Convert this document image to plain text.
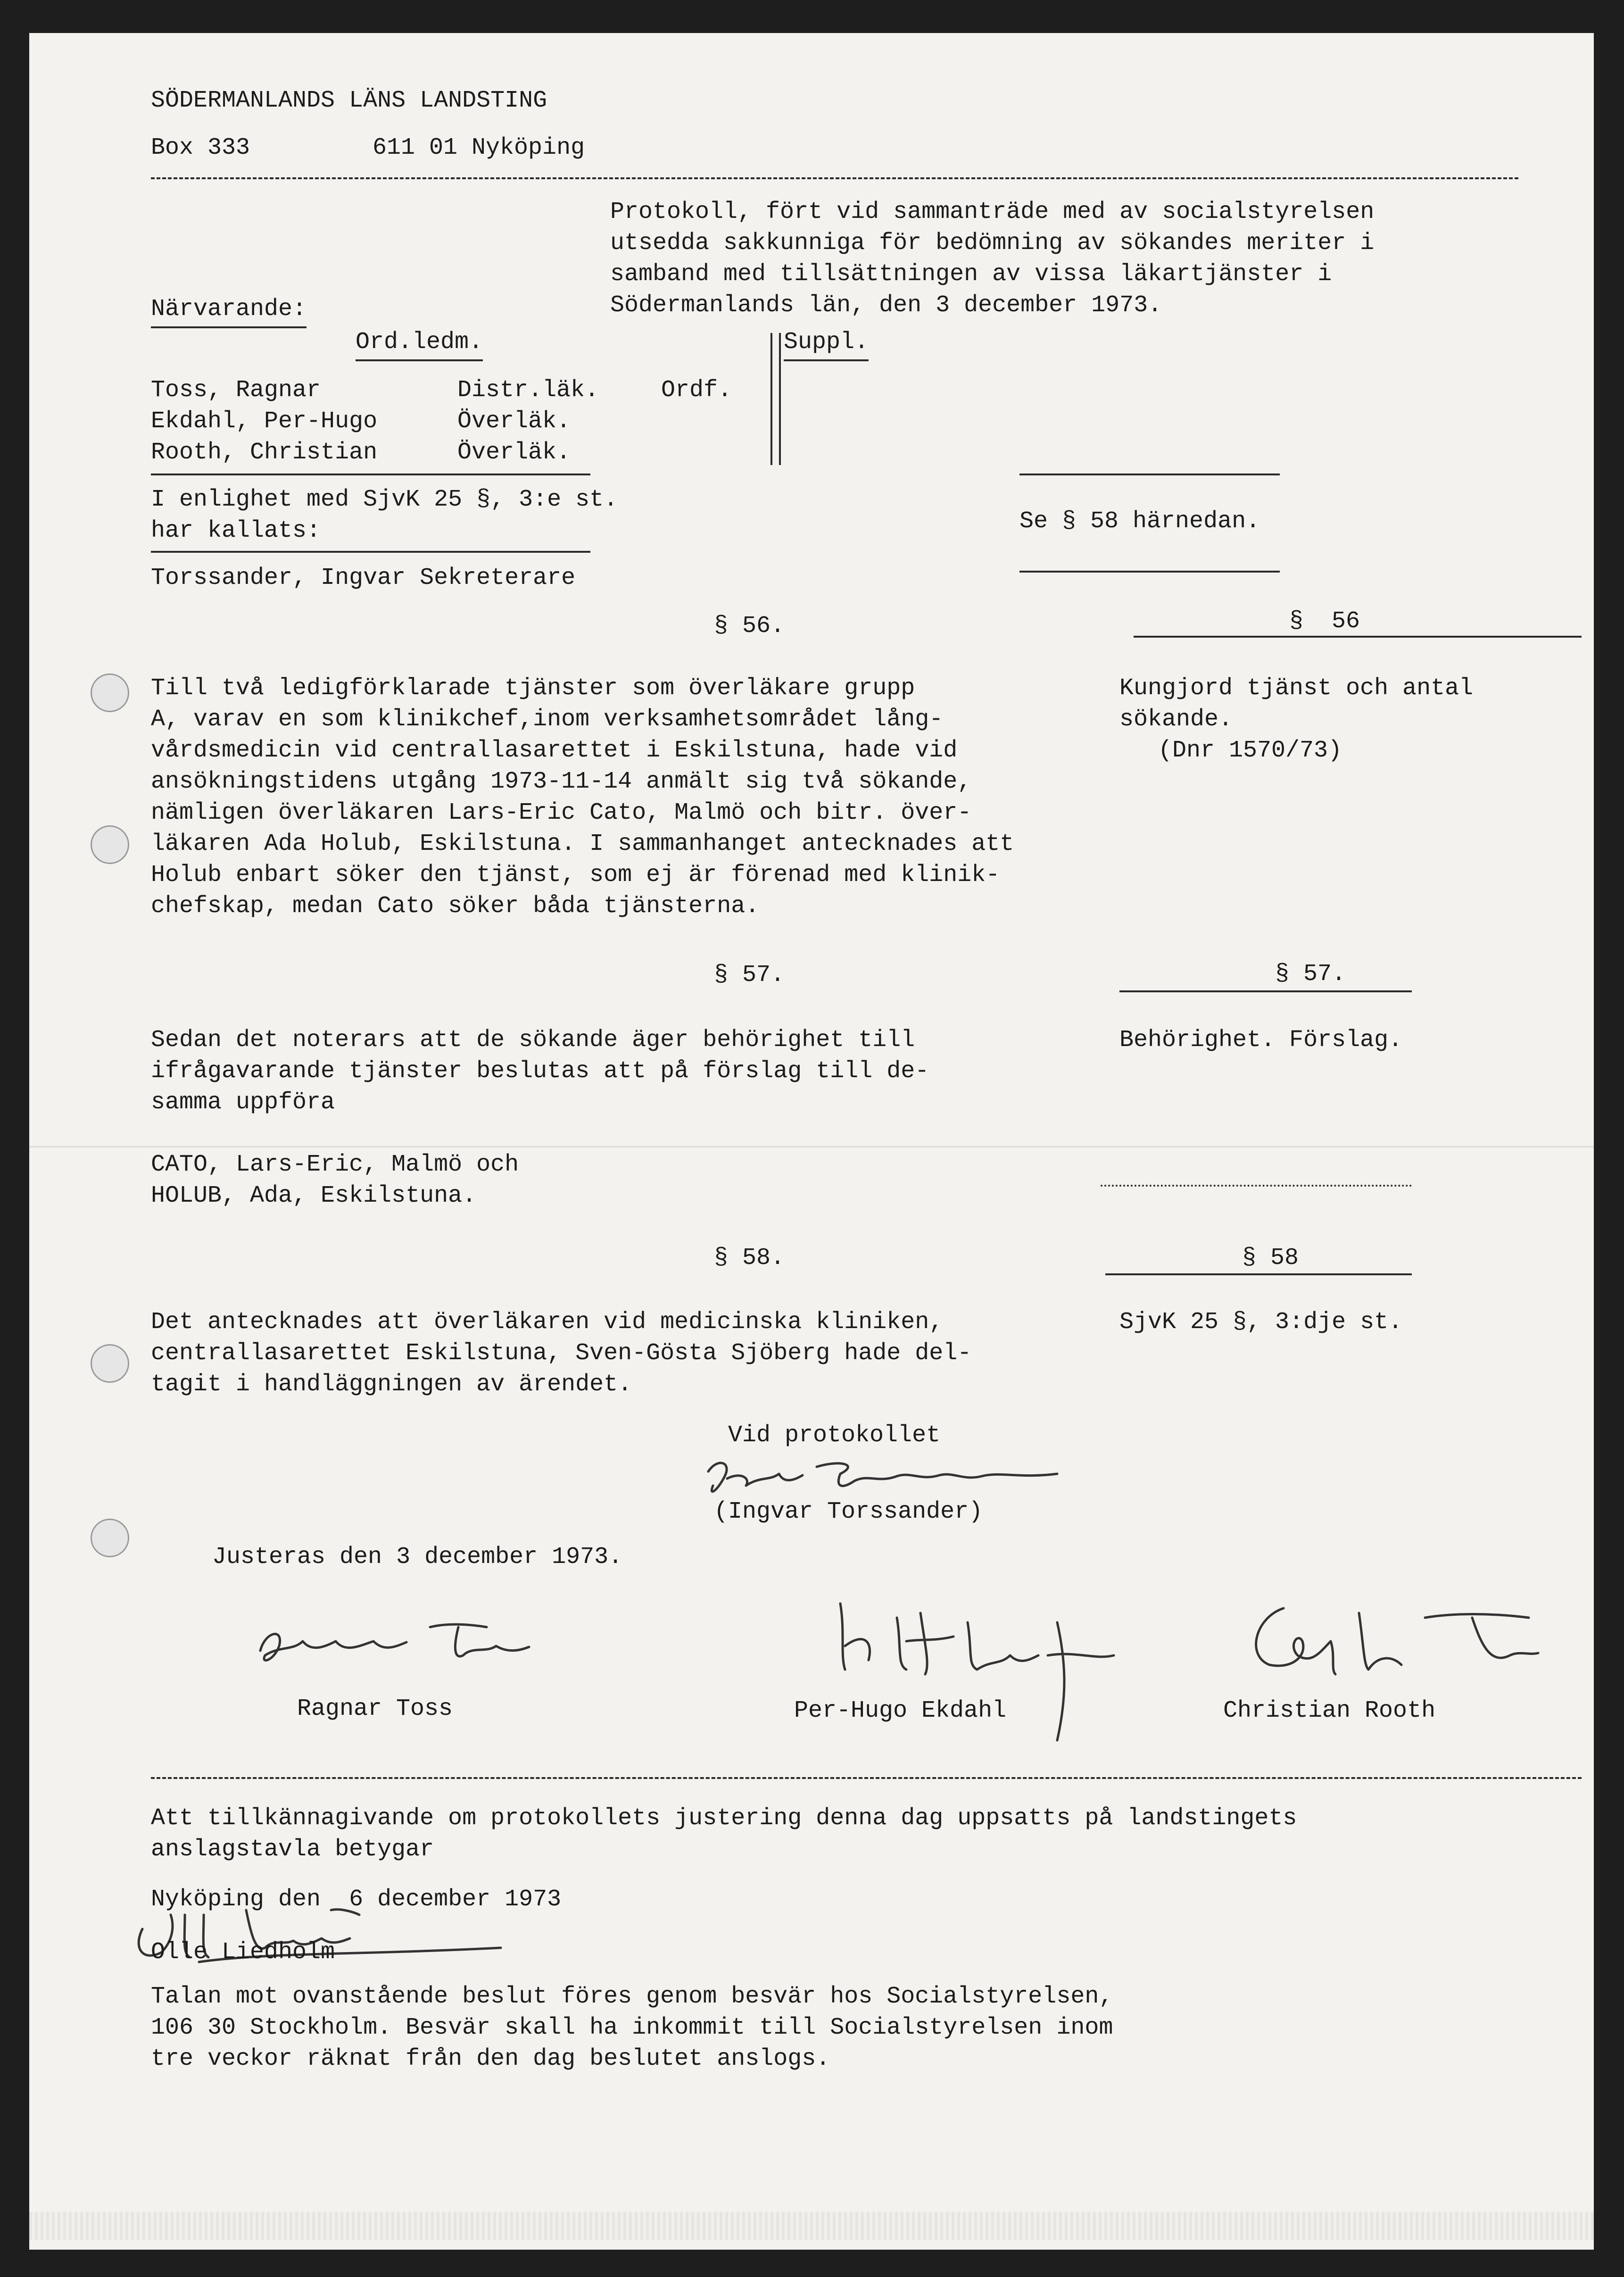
SÖDERMANLANDS LÄNS LANDSTING
Box 333	611 01 Nyköping
Protokoll, fört vid sammanträde med av socialstyrelsen
utsedda sakkunniga för bedömning av sökandes meriter i
samband med tillsättningen av vissa läkartjänster i
Södermanlands län, den 3 december 1973.
Närvarande:
Ord.ledm.	Suppl.
Toss, Ragnar	Distr.läk.	Ordf.
Ekdahl, Per-Hugo	Överläk.
Rooth, Christian	Överläk.
I enlighet med SjvK 25 §, 3:e st.
har kallats:	Se § 58 härnedan.
Torssander, Ingvar Sekreterare
§ 56.	§  56
Till två ledigförklarade tjänster som överläkare grupp
A, varav en som klinikchef,inom verksamhetsområdet lång-
vårdsmedicin vid centrallasarettet i Eskilstuna, hade vid
ansökningstidens utgång 1973-11-14 anmält sig två sökande,
nämligen överläkaren Lars-Eric Cato, Malmö och bitr. över-
läkaren Ada Holub, Eskilstuna. I sammanhanget antecknades att
Holub enbart söker den tjänst, som ej är förenad med klinik-
chefskap, medan Cato söker båda tjänsterna.
Kungjord tjänst och antal
sökande.
(Dnr 1570/73)
§ 57.	§ 57.
Sedan det noterars att de sökande äger behörighet till
ifrågavarande tjänster beslutas att på förslag till de-
samma uppföra
Behörighet. Förslag.
CATO, Lars-Eric, Malmö och
HOLUB, Ada, Eskilstuna.
§ 58.	§ 58
Det antecknades att överläkaren vid medicinska kliniken,
centrallasarettet Eskilstuna, Sven-Gösta Sjöberg hade del-
tagit i handläggningen av ärendet.
SjvK 25 §, 3:dje st.
Vid protokollet
(Ingvar Torssander)
Justeras den 3 december 1973.
Ragnar Toss	Per-Hugo Ekdahl	Christian Rooth
Att tillkännagivande om protokollets justering denna dag uppsatts på landstingets
anslagstavla betygar
Nyköping den  6 december 1973
Olle Liedholm
Talan mot ovanstående beslut föres genom besvär hos Socialstyrelsen,
106 30 Stockholm. Besvär skall ha inkommit till Socialstyrelsen inom
tre veckor räknat från den dag beslutet anslogs.
